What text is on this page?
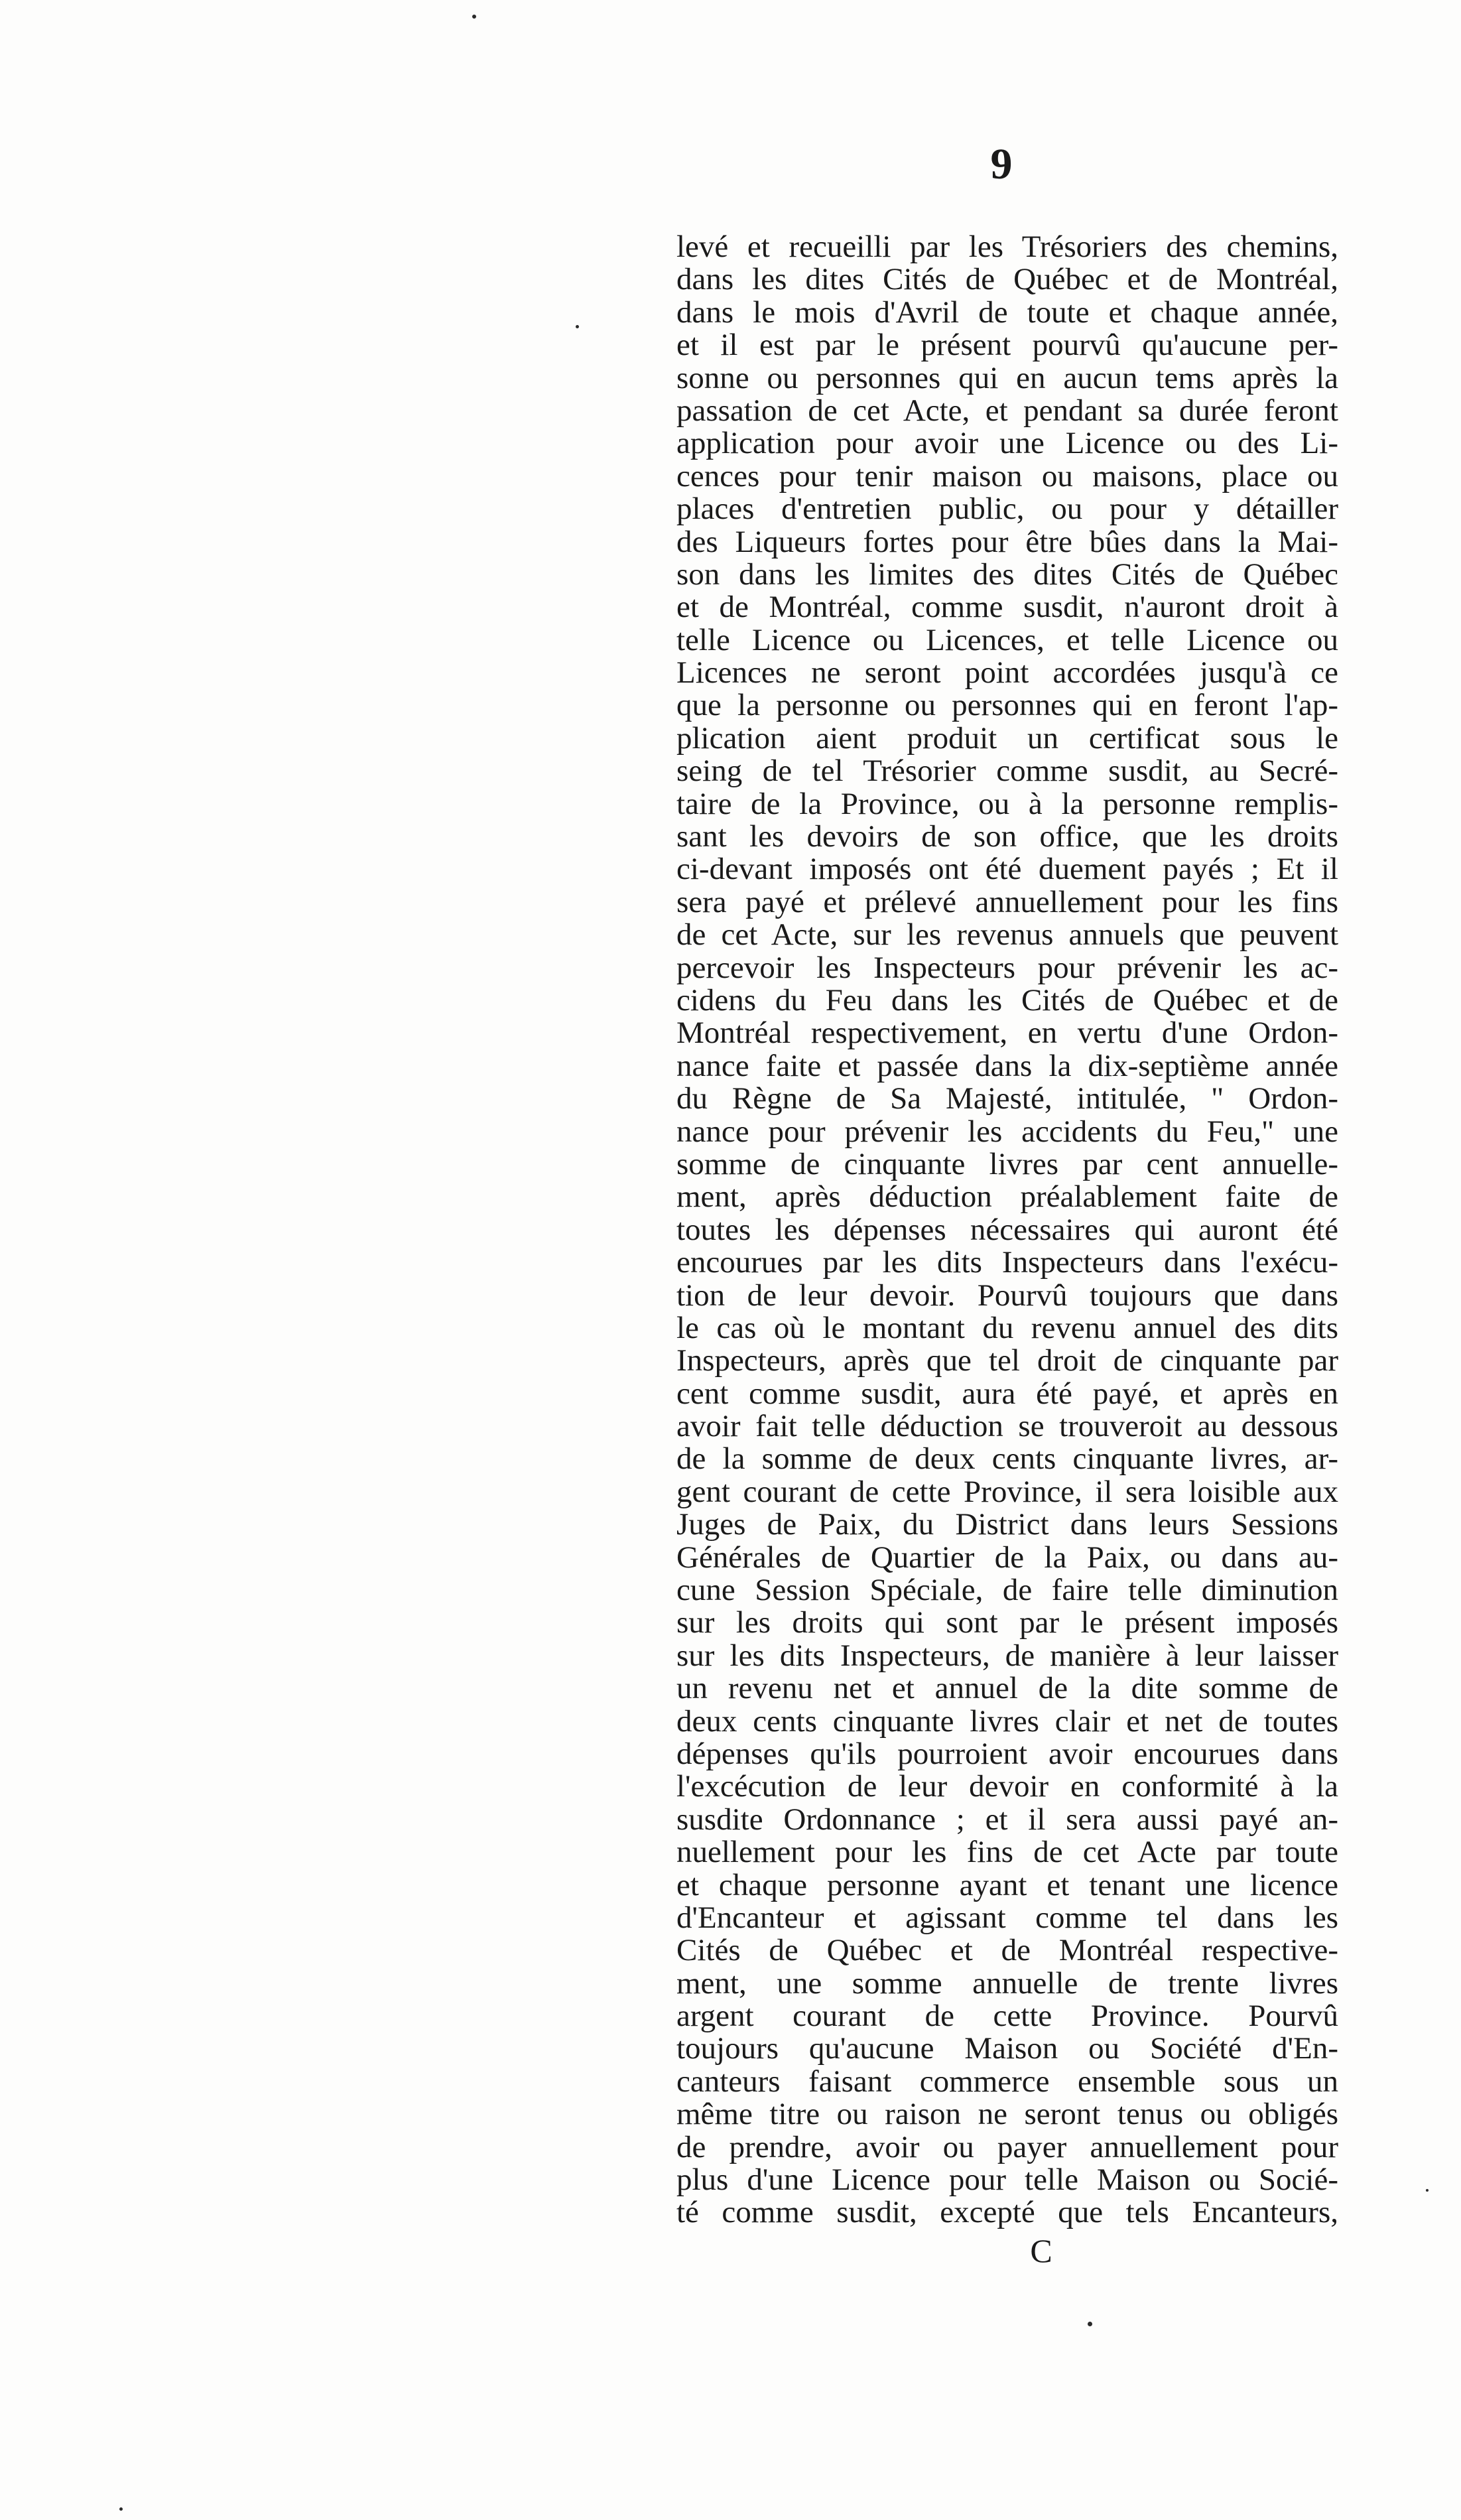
9
levé et recueilli par les Trésoriers des chemins,
dans les dites Cités de Québec et de Montréal,
dans le mois d'Avril de toute et chaque année,
et il est par le présent pourvû qu'aucune per-
sonne ou personnes qui en aucun tems après la
passation de cet Acte, et pendant sa durée feront
application pour avoir une Licence ou des Li-
cences pour tenir maison ou maisons, place ou
places d'entretien public, ou pour y détailler
des Liqueurs fortes pour être bûes dans la Mai-
son dans les limites des dites Cités de Québec
et de Montréal, comme susdit, n'auront droit à
telle Licence ou Licences, et telle Licence ou
Licences ne seront point accordées jusqu'à ce
que la personne ou personnes qui en feront l'ap-
plication aient produit un certificat sous le
seing de tel Trésorier comme susdit, au Secré-
taire de la Province, ou à la personne remplis-
sant les devoirs de son office, que les droits
ci-devant imposés ont été duement payés ; Et il
sera payé et prélevé annuellement pour les fins
de cet Acte, sur les revenus annuels que peuvent
percevoir les Inspecteurs pour prévenir les ac-
cidens du Feu dans les Cités de Québec et de
Montréal respectivement, en vertu d'une Ordon-
nance faite et passée dans la dix-septième année
du Règne de Sa Majesté, intitulée, " Ordon-
nance pour prévenir les accidents du Feu," une
somme de cinquante livres par cent annuelle-
ment, après déduction préalablement faite de
toutes les dépenses nécessaires qui auront été
encourues par les dits Inspecteurs dans l'exécu-
tion de leur devoir. Pourvû toujours que dans
le cas où le montant du revenu annuel des dits
Inspecteurs, après que tel droit de cinquante par
cent comme susdit, aura été payé, et après en
avoir fait telle déduction se trouveroit au dessous
de la somme de deux cents cinquante livres, ar-
gent courant de cette Province, il sera loisible aux
Juges de Paix, du District dans leurs Sessions
Générales de Quartier de la Paix, ou dans au-
cune Session Spéciale, de faire telle diminution
sur les droits qui sont par le présent imposés
sur les dits Inspecteurs, de manière à leur laisser
un revenu net et annuel de la dite somme de
deux cents cinquante livres clair et net de toutes
dépenses qu'ils pourroient avoir encourues dans
l'excécution de leur devoir en conformité à la
susdite Ordonnance ; et il sera aussi payé an-
nuellement pour les fins de cet Acte par toute
et chaque personne ayant et tenant une licence
d'Encanteur et agissant comme tel dans les
Cités de Québec et de Montréal respective-
ment, une somme annuelle de trente livres
argent courant de cette Province. Pourvû
toujours qu'aucune Maison ou Société d'En-
canteurs faisant commerce ensemble sous un
même titre ou raison ne seront tenus ou obligés
de prendre, avoir ou payer annuellement pour
plus d'une Licence pour telle Maison ou Socié-
té comme susdit, excepté que tels Encanteurs,
C
